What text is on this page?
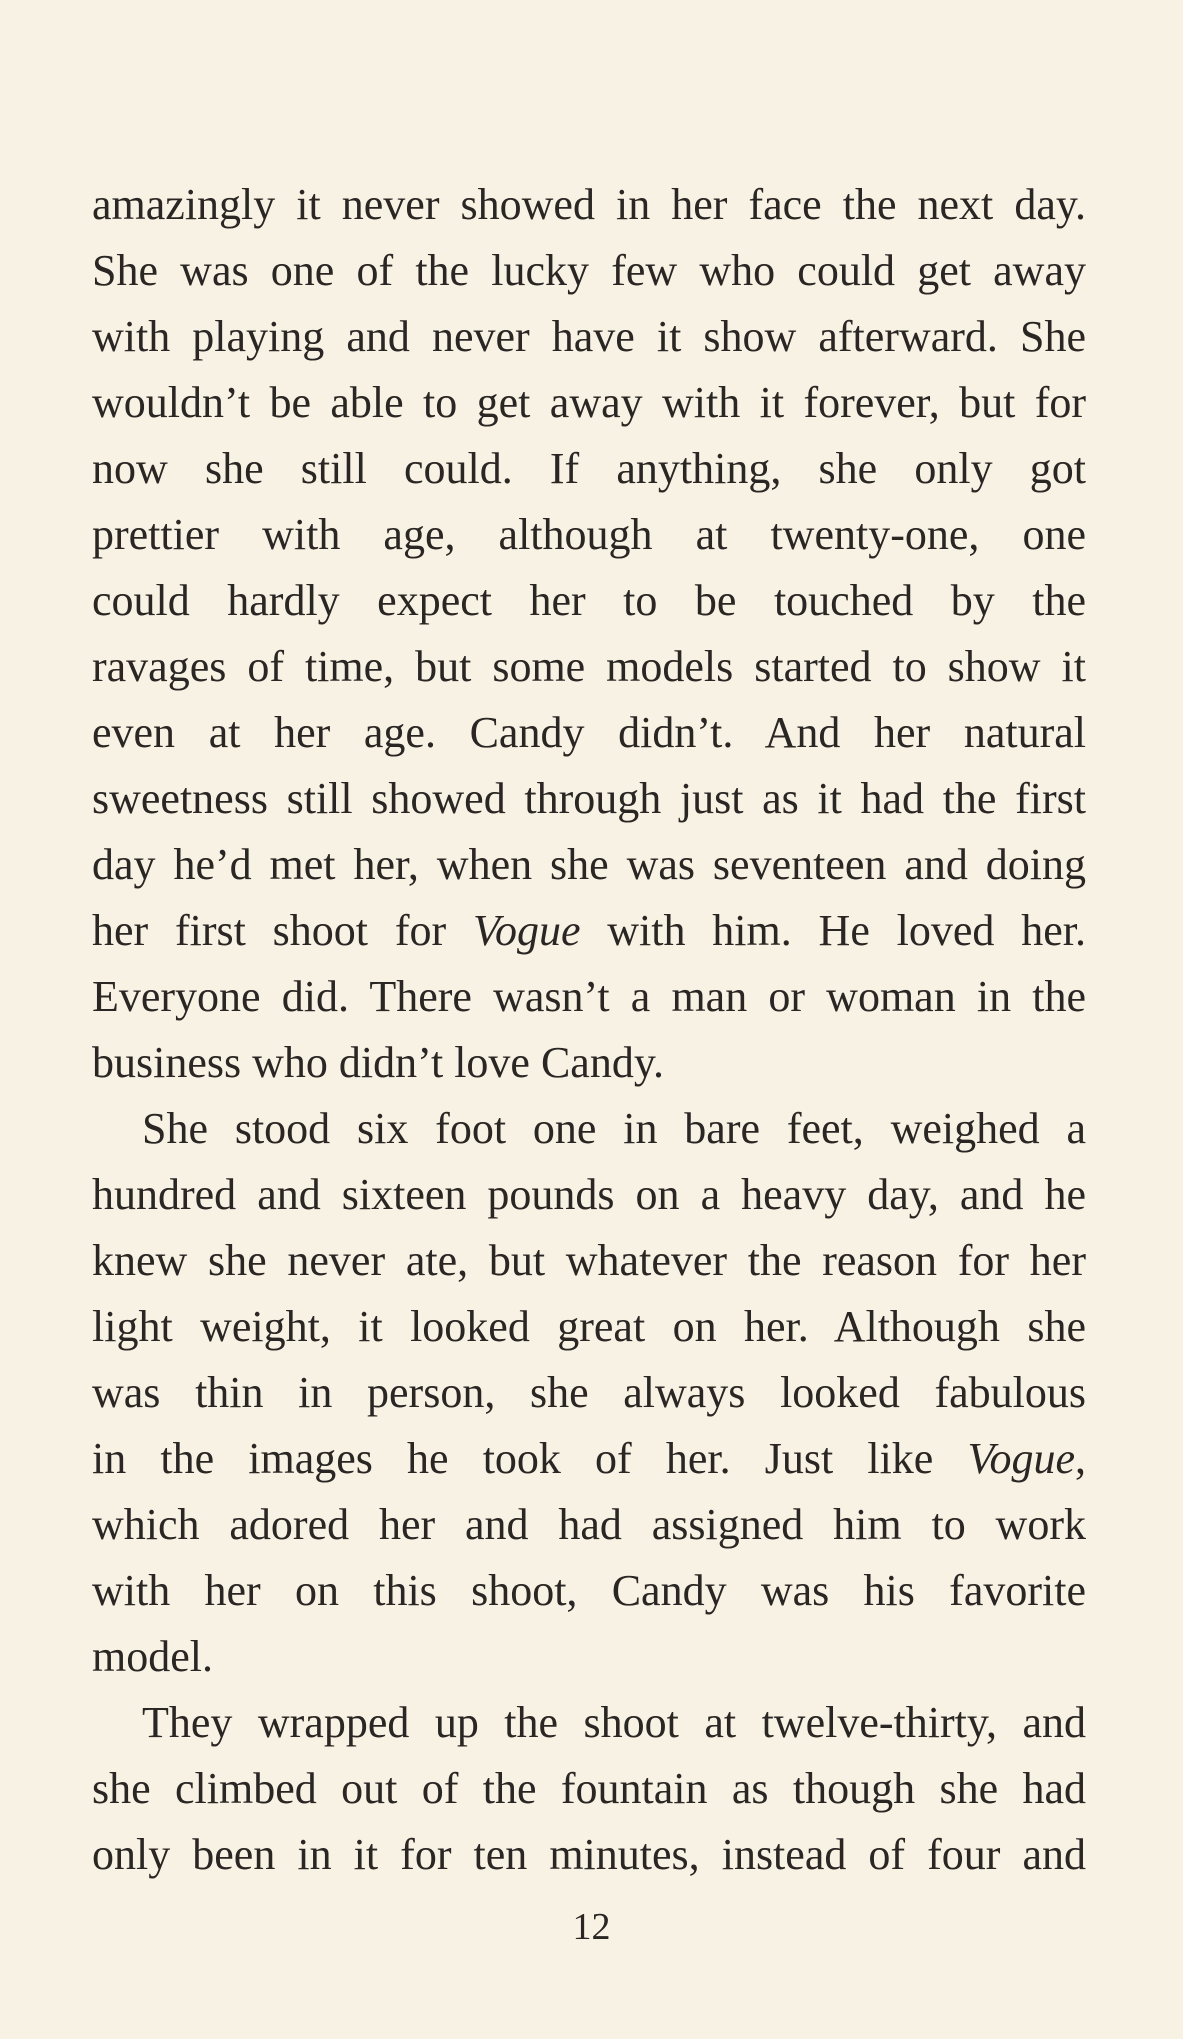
amazingly it never showed in her face the next day.
She was one of the lucky few who could get away
with playing and never have it show afterward. She
wouldn’t be able to get away with it forever, but for
now she still could. If anything, she only got
prettier with age, although at twenty-one, one
could hardly expect her to be touched by the
ravages of time, but some models started to show it
even at her age. Candy didn’t. And her natural
sweetness still showed through just as it had the first
day he’d met her, when she was seventeen and doing
her first shoot for Vogue with him. He loved her.
Everyone did. There wasn’t a man or woman in the
business who didn’t love Candy.
She stood six foot one in bare feet, weighed a
hundred and sixteen pounds on a heavy day, and he
knew she never ate, but whatever the reason for her
light weight, it looked great on her. Although she
was thin in person, she always looked fabulous
in the images he took of her. Just like Vogue,
which adored her and had assigned him to work
with her on this shoot, Candy was his favorite
model.
They wrapped up the shoot at twelve-thirty, and
she climbed out of the fountain as though she had
only been in it for ten minutes, instead of four and
12
